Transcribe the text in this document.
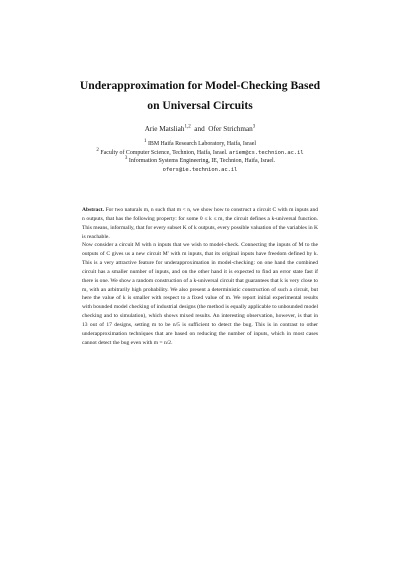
Underapproximation for Model-Checking Based
on Universal Circuits
Arie Matsliah$^{1,2}$ and Ofer Strichman$^3$
$^1$ IBM Haifa Research Laboratory, Haifa, Israel
$^2$ Faculty of Computer Science, Technion, Haifa, Israel. ariem@cs.technion.ac.il
$^3$ Information Systems Engineering, IE, Technion, Haifa, Israel.
ofers@ie.technion.ac.il

Abstract. For two naturals m, n such that m < n, we show how to construct a circuit C with m inputs and n outputs, that has the following property: for some 0 ≤ k ≤ m, the circuit defines a k-universal function. This means, informally, that for every subset K of k outputs, every possible valuation of the variables in K is reachable.

Now consider a circuit M with n inputs that we wish to model-check. Connecting the inputs of M to the outputs of C gives us a new circuit M′ with m inputs, that its original inputs have freedom defined by k. This is a very attractive feature for underapproximation in model-checking: on one hand the combined circuit has a smaller number of inputs, and on the other hand it is expected to find an error state fast if there is one. We show a random construction of a k-universal circuit that guarantees that k is very close to m, with an arbitrarily high probability. We also present a deterministic construction of such a circuit, but here the value of k is smaller with respect to a fixed value of m. We report initial experimental results with bounded model checking of industrial designs (the method is equally applicable to unbounded model checking and to simulation), which shows mixed results. An interesting observation, however, is that in 13 out of 17 designs, setting m to be n/5 is sufficient to detect the bug. This is in contrast to other underapproximation techniques that are based on reducing the number of inputs, which in most cases cannot detect the bug even with m = n/2.
